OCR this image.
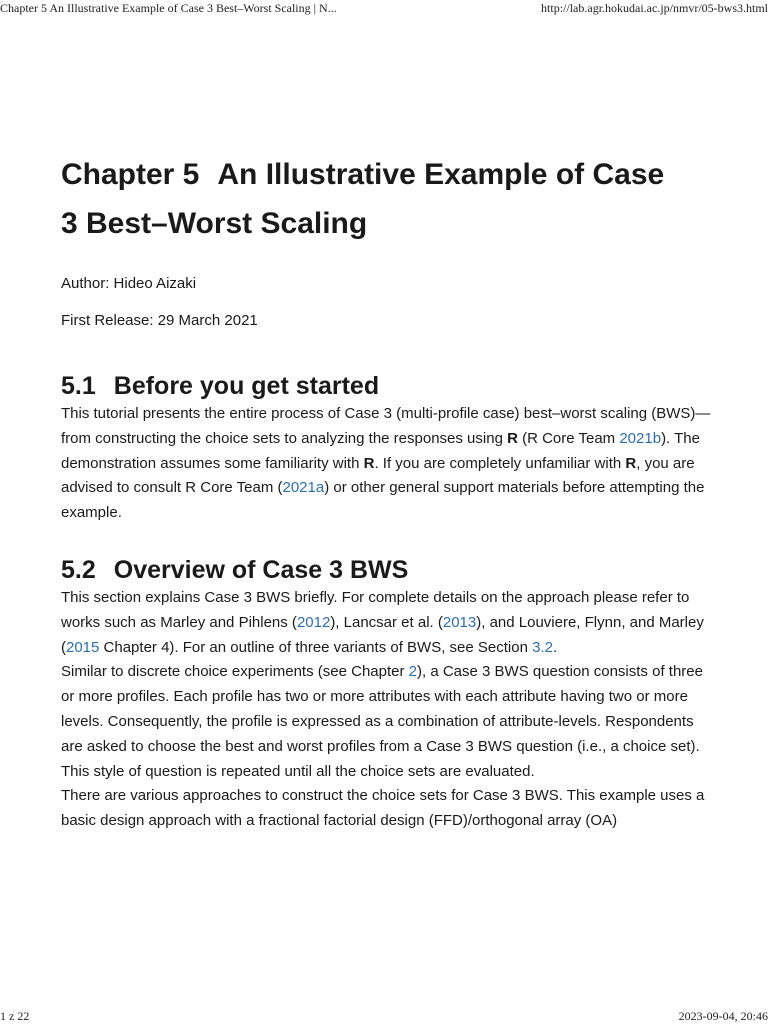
Chapter 5 An Illustrative Example of Case 3 Best–Worst Scaling | N...	http://lab.agr.hokudai.ac.jp/nmvr/05-bws3.html
Chapter 5 An Illustrative Example of Case
3 Best–Worst Scaling

Author: Hideo Aizaki

First Release: 29 March 2021

5.1 Before you get started

This tutorial presents the entire process of Case 3 (multi-profile case) best–worst scaling (BWS)—from constructing the choice sets to analyzing the responses using R (R Core Team 2021b). The demonstration assumes some familiarity with R. If you are completely unfamiliar with R, you are advised to consult R Core Team (2021a) or other general support materials before attempting the example.

5.2 Overview of Case 3 BWS

This section explains Case 3 BWS briefly. For complete details on the approach please refer to works such as Marley and Pihlens (2012), Lancsar et al. (2013), and Louviere, Flynn, and Marley (2015 Chapter 4). For an outline of three variants of BWS, see Section 3.2.

Similar to discrete choice experiments (see Chapter 2), a Case 3 BWS question consists of three or more profiles. Each profile has two or more attributes with each attribute having two or more levels. Consequently, the profile is expressed as a combination of attribute-levels. Respondents are asked to choose the best and worst profiles from a Case 3 BWS question (i.e., a choice set). This style of question is repeated until all the choice sets are evaluated.

There are various approaches to construct the choice sets for Case 3 BWS. This example uses a basic design approach with a fractional factorial design (FFD)/orthogonal array (OA)

1 z 22	2023-09-04, 20:46
